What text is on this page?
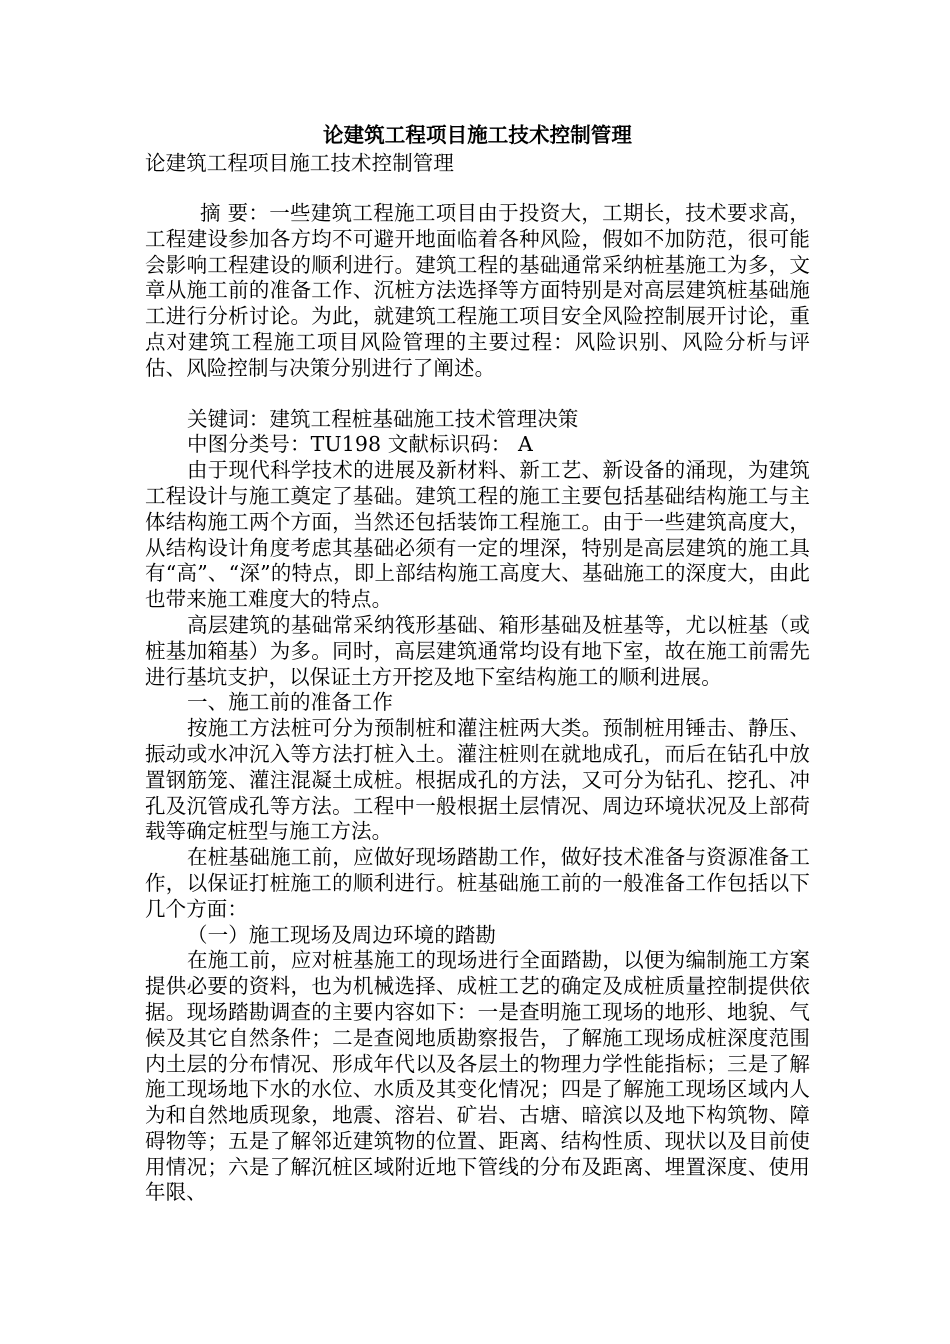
论建筑工程项目施工技术控制管理

论建筑工程项目施工技术控制管理

摘 要：一些建筑工程施工项目由于投资大，工期长，技术要求高，工程建设参加各方均不可避开地面临着各种风险，假如不加防范，很可能会影响工程建设的顺利进行。建筑工程的基础通常采纳桩基施工为多，文章从施工前的准备工作、沉桩方法选择等方面特别是对高层建筑桩基础施工进行分析讨论。为此，就建筑工程施工项目安全风险控制展开讨论，重点对建筑工程施工项目风险管理的主要过程：风险识别、风险分析与评估、风险控制与决策分别进行了阐述。

关键词：建筑工程桩基础施工技术管理决策

中图分类号：TU198 文献标识码： A

由于现代科学技术的进展及新材料、新工艺、新设备的涌现，为建筑工程设计与施工奠定了基础。建筑工程的施工主要包括基础结构施工与主体结构施工两个方面，当然还包括装饰工程施工。由于一些建筑高度大，从结构设计角度考虑其基础必须有一定的埋深，特别是高层建筑的施工具有“高”、“深”的特点，即上部结构施工高度大、基础施工的深度大，由此也带来施工难度大的特点。

高层建筑的基础常采纳筏形基础、箱形基础及桩基等，尤以桩基（或桩基加箱基）为多。同时，高层建筑通常均设有地下室，故在施工前需先进行基坑支护，以保证土方开挖及地下室结构施工的顺利进展。

一、施工前的准备工作

按施工方法桩可分为预制桩和灌注桩两大类。预制桩用锤击、静压、振动或水冲沉入等方法打桩入土。灌注桩则在就地成孔，而后在钻孔中放置钢筋笼、灌注混凝土成桩。根据成孔的方法，又可分为钻孔、挖孔、冲孔及沉管成孔等方法。工程中一般根据土层情况、周边环境状况及上部荷载等确定桩型与施工方法。

在桩基础施工前，应做好现场踏勘工作，做好技术准备与资源准备工作，以保证打桩施工的顺利进行。桩基础施工前的一般准备工作包括以下几个方面：

（一）施工现场及周边环境的踏勘

在施工前，应对桩基施工的现场进行全面踏勘，以便为编制施工方案提供必要的资料，也为机械选择、成桩工艺的确定及成桩质量控制提供依据。现场踏勘调查的主要内容如下：一是查明施工现场的地形、地貌、气候及其它自然条件；二是查阅地质勘察报告，了解施工现场成桩深度范围内土层的分布情况、形成年代以及各层土的物理力学性能指标；三是了解施工现场地下水的水位、水质及其变化情况；四是了解施工现场区域内人为和自然地质现象，地震、溶岩、矿岩、古塘、暗滨以及地下构筑物、障碍物等；五是了解邻近建筑物的位置、距离、结构性质、现状以及目前使用情况；六是了解沉桩区域附近地下管线的分布及距离、埋置深度、使用年限、
